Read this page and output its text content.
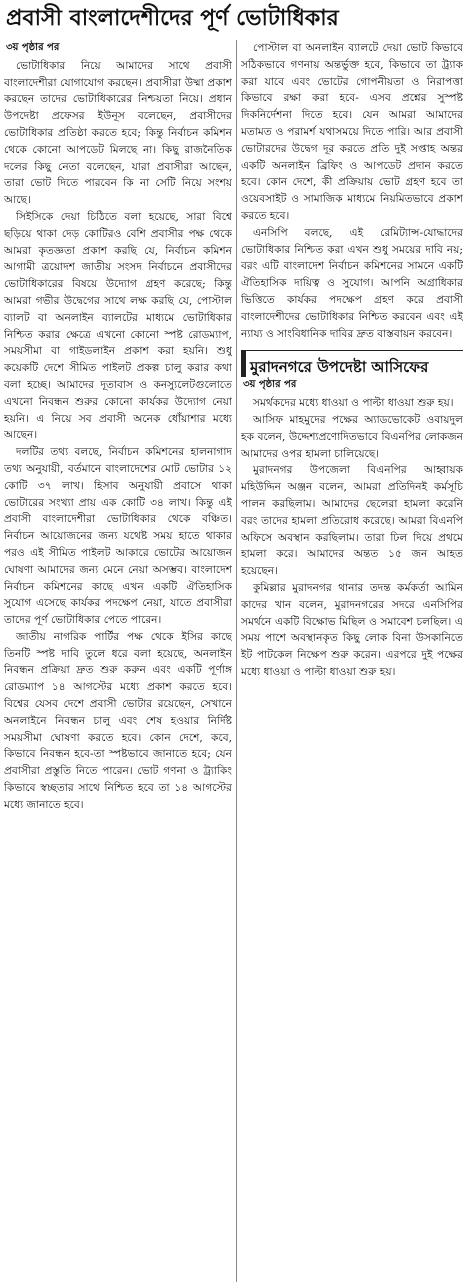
প্রবাসী বাংলাদেশীদের পূর্ণ ভোটাধিকার
৩য় পৃষ্ঠার পর

ভোটাধিকার নিয়ে আমাদের সাথে প্রবাসী বাংলাদেশীরা যোগাযোগ করছেন। প্রবাসীরা উষ্মা প্রকাশ করছেন তাদের ভোটাধিকারের নিশ্চয়তা নিয়ে। প্রধান উপদেষ্টা প্রফেসর ইউনূস বলেছেন, প্রবাসীদের ভোটাধিকার প্রতিষ্ঠা করতে হবে; কিন্তু নির্বাচন কমিশন থেকে কোনো আপডেট মিলছে না। কিছু রাজনৈতিক দলের কিছু নেতা বলেছেন, যারা প্রবাসীরা আছেন, তারা ভোট দিতে পারবেন কি না সেটি নিয়ে সংশয় আছে।

সিইসিকে দেয়া চিঠিতে বলা হয়েছে, সারা বিশ্বে ছড়িয়ে থাকা দেড় কোটিরও বেশি প্রবাসীর পক্ষ থেকে আমরা কৃতজ্ঞতা প্রকাশ করছি যে, নির্বাচন কমিশন আগামী ত্রয়োদশ জাতীয় সংসদ নির্বাচনে প্রবাসীদের ভোটাধিকারের বিষয়ে উদ্যোগ গ্রহণ করেছে; কিন্তু আমরা গভীর উদ্বেগের সাথে লক্ষ করছি যে, পোস্টাল ব্যালট বা অনলাইন ব্যালটের মাধ্যমে ভোটাধিকার নিশ্চিত করার ক্ষেত্রে এখনো কোনো স্পষ্ট রোডম্যাপ, সময়সীমা বা গাইডলাইন প্রকাশ করা হয়নি। শুধু কয়েকটি দেশে সীমিত পাইলট প্রকল্প চালু করার কথা বলা হচ্ছে। আমাদের দূতাবাস ও কনস্যুলেটগুলোতে এখনো নিবন্ধন শুরুর কোনো কার্যকর উদ্যোগ নেয়া হয়নি। এ নিয়ে সব প্রবাসী অনেক ধোঁয়াশার মধ্যে আছেন।

দলটির তথ্য বলছে, নির্বাচন কমিশনের হালনাগাদ তথ্য অনুযায়ী, বর্তমানে বাংলাদেশের মোট ভোটার ১২ কোটি ৩৭ লাখ। হিসাব অনুযায়ী প্রবাসে থাকা ভোটারের সংখ্যা প্রায় এক কোটি ৩৪ লাখ। কিন্তু এই প্রবাসী বাংলাদেশীরা ভোটাধিকার থেকে বঞ্চিত। নির্বাচন আয়োজনের জন্য যথেষ্ট সময় হাতে থাকার পরও এই সীমিত পাইলট আকারে ভোটের আয়োজন ঘোষণা আমাদের জন্য মেনে নেয়া অসম্ভব। বাংলাদেশ নির্বাচন কমিশনের কাছে এখন একটি ঐতিহাসিক সুযোগ এসেছে কার্যকর পদক্ষেপ নেয়া, যাতে প্রবাসীরা তাদের পূর্ণ ভোটাধিকার পেতে পারেন।

জাতীয় নাগরিক পার্টির পক্ষ থেকে ইসির কাছে তিনটি স্পষ্ট দাবি তুলে ধরে বলা হয়েছে, অনলাইন নিবন্ধন প্রক্রিয়া দ্রুত শুরু করুন এবং একটি পূর্ণাঙ্গ রোডম্যাপ ১৪ আগস্টের মধ্যে প্রকাশ করতে হবে। বিশ্বের যেসব দেশে প্রবাসী ভোটার রয়েছেন, সেখানে অনলাইনে নিবন্ধন চালু এবং শেষ হওয়ার নির্দিষ্ট সময়সীমা ঘোষণা করতে হবে। কোন দেশে, কবে, কিভাবে নিবন্ধন হবে-তা স্পষ্টভাবে জানাতে হবে; যেন প্রবাসীরা প্রস্তুতি নিতে পারেন। ভোট গণনা ও ট্র্যাকিং কিভাবে স্বচ্ছতার সাথে নিশ্চিত হবে তা ১৪ আগস্টের মধ্যে জানাতে হবে।

পোস্টাল বা অনলাইন ব্যালটে দেয়া ভোট কিভাবে সঠিকভাবে গণনায় অন্তর্ভুক্ত হবে, কিভাবে তা ট্র্যাক করা যাবে এবং ভোটের গোপনীয়তা ও নিরাপত্তা কিভাবে রক্ষা করা হবে- এসব প্রশ্নের সুস্পষ্ট দিকনির্দেশনা দিতে হবে। যেন আমরা আমাদের মতামত ও পরামর্শ যথাসময়ে দিতে পারি। আর প্রবাসী ভোটারদের উদ্বেগ দূর করতে প্রতি দুই সপ্তাহ অন্তর একটি অনলাইন ব্রিফিং ও আপডেট প্রদান করতে হবে। কোন দেশে, কী প্রক্রিয়ায় ভোট গ্রহণ হবে তা ওয়েবসাইট ও সামাজিক মাধ্যমে নিয়মিতভাবে প্রকাশ করতে হবে।

এনসিপি বলছে, এই রেমিট্যান্স-যোদ্ধাদের ভোটাধিকার নিশ্চিত করা এখন শুধু সময়ের দাবি নয়; বরং এটি বাংলাদেশ নির্বাচন কমিশনের সামনে একটি ঐতিহাসিক দায়িত্ব ও সুযোগ। আপনি অগ্রাধিকার ভিত্তিতে কার্যকর পদক্ষেপ গ্রহণ করে প্রবাসী বাংলাদেশীদের ভোটাধিকার নিশ্চিত করবেন এবং এই ন্যায্য ও সাংবিধানিক দাবির দ্রুত বাস্তবায়ন করবেন।

মুরাদনগরে উপদেষ্টা আসিফের
৩য় পৃষ্ঠার পর

সমর্থকদের মধ্যে ধাওয়া ও পাল্টা ধাওয়া শুরু হয়।

আসিফ মাহমুদের পক্ষের অ্যাডভোকেট ওবায়দুল হক বলেন, উদ্দেশ্যপ্রণোদিতভাবে বিএনপির লোকজন আমাদের ওপর হামলা চালিয়েছে।

মুরাদনগর উপজেলা বিএনপির আহ্বায়ক মহিউদ্দিন অঞ্জন বলেন, আমরা প্রতিদিনই কর্মসূচি পালন করছিলাম। আমাদের ছেলেরা হামলা করেনি বরং তাদের হামলা প্রতিরোধ করেছে। আমরা বিএনপি অফিসে অবস্থান করছিলাম। তারা ঢিল দিয়ে প্রথমে হামলা করে। আমাদের অন্তত ১৫ জন আহত হয়েছেন।

কুমিল্লার মুরাদনগর থানার তদন্ত কর্মকর্তা আমিন কাদের খান বলেন, মুরাদনগরের সদরে এনসিপির সমর্থনে একটি বিক্ষোভ মিছিল ও সমাবেশ চলছিল। এ সময় পাশে অবস্থানকৃত কিছু লোক বিনা উসকানিতে ইট পাটকেল নিক্ষেপ শুরু করেন। এরপরে দুই পক্ষের মধ্যে ধাওয়া ও পাল্টা ধাওয়া শুরু হয়।
